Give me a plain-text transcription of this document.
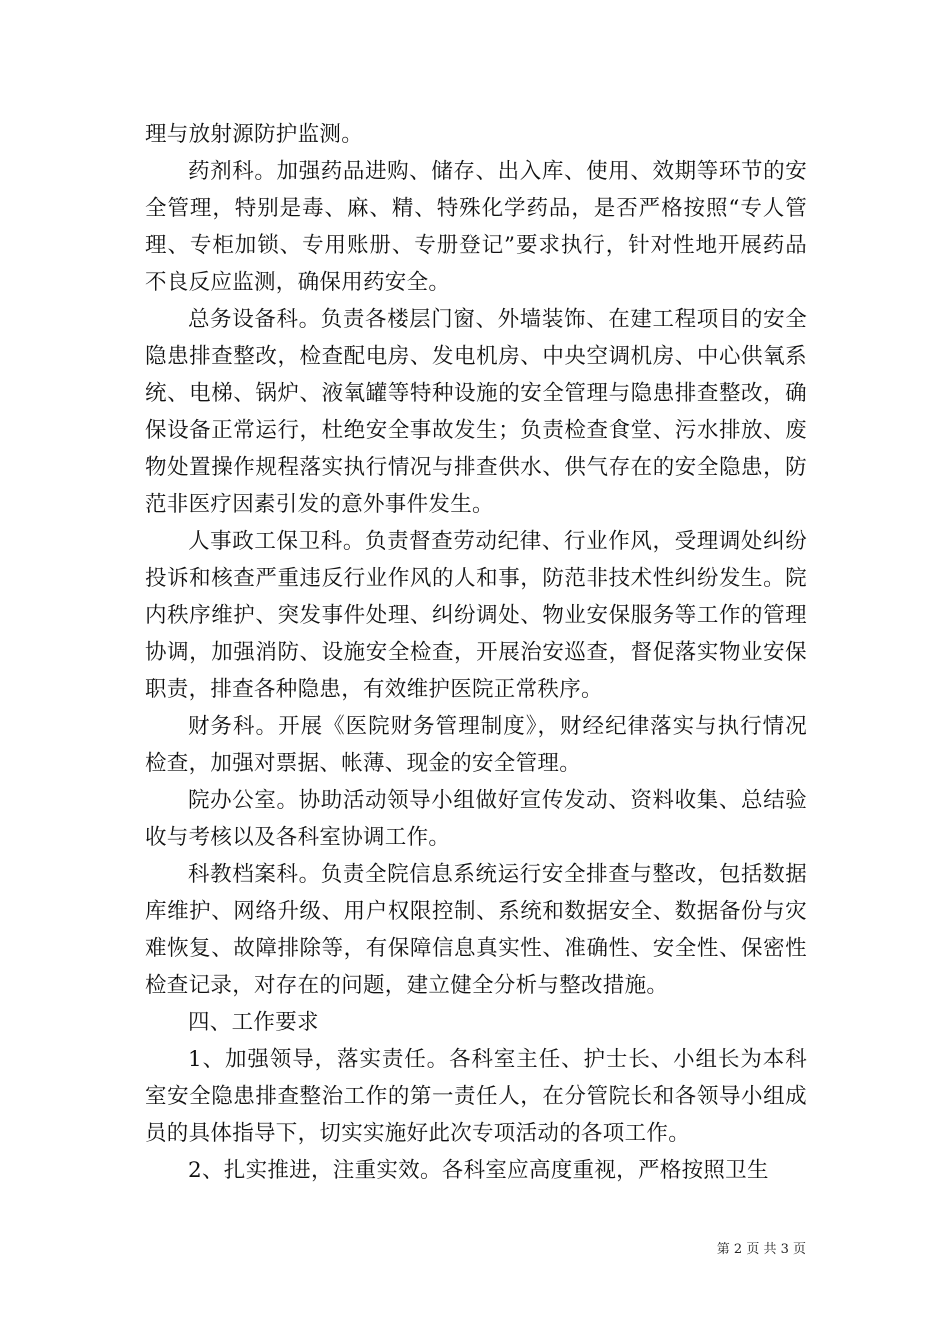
理与放射源防护监测。

药剂科。加强药品进购、储存、出入库、使用、效期等环节的安全管理，特别是毒、麻、精、特殊化学药品，是否严格按照“专人管理、专柜加锁、专用账册、专册登记”要求执行，针对性地开展药品不良反应监测，确保用药安全。

总务设备科。负责各楼层门窗、外墙装饰、在建工程项目的安全隐患排查整改，检查配电房、发电机房、中央空调机房、中心供氧系统、电梯、锅炉、液氧罐等特种设施的安全管理与隐患排查整改，确保设备正常运行，杜绝安全事故发生；负责检查食堂、污水排放、废物处置操作规程落实执行情况与排查供水、供气存在的安全隐患，防范非医疗因素引发的意外事件发生。

人事政工保卫科。负责督查劳动纪律、行业作风，受理调处纠纷投诉和核查严重违反行业作风的人和事，防范非技术性纠纷发生。院内秩序维护、突发事件处理、纠纷调处、物业安保服务等工作的管理协调，加强消防、设施安全检查，开展治安巡查，督促落实物业安保职责，排查各种隐患，有效维护医院正常秩序。

财务科。开展《医院财务管理制度》，财经纪律落实与执行情况检查，加强对票据、帐薄、现金的安全管理。

院办公室。协助活动领导小组做好宣传发动、资料收集、总结验收与考核以及各科室协调工作。

科教档案科。负责全院信息系统运行安全排查与整改，包括数据库维护、网络升级、用户权限控制、系统和数据安全、数据备份与灾难恢复、故障排除等，有保障信息真实性、准确性、安全性、保密性检查记录，对存在的问题，建立健全分析与整改措施。

四、工作要求

1、加强领导，落实责任。各科室主任、护士长、小组长为本科室安全隐患排查整治工作的第一责任人，在分管院长和各领导小组成员的具体指导下，切实实施好此次专项活动的各项工作。

2、扎实推进，注重实效。各科室应高度重视，严格按照卫生

第 2 页 共 3 页
